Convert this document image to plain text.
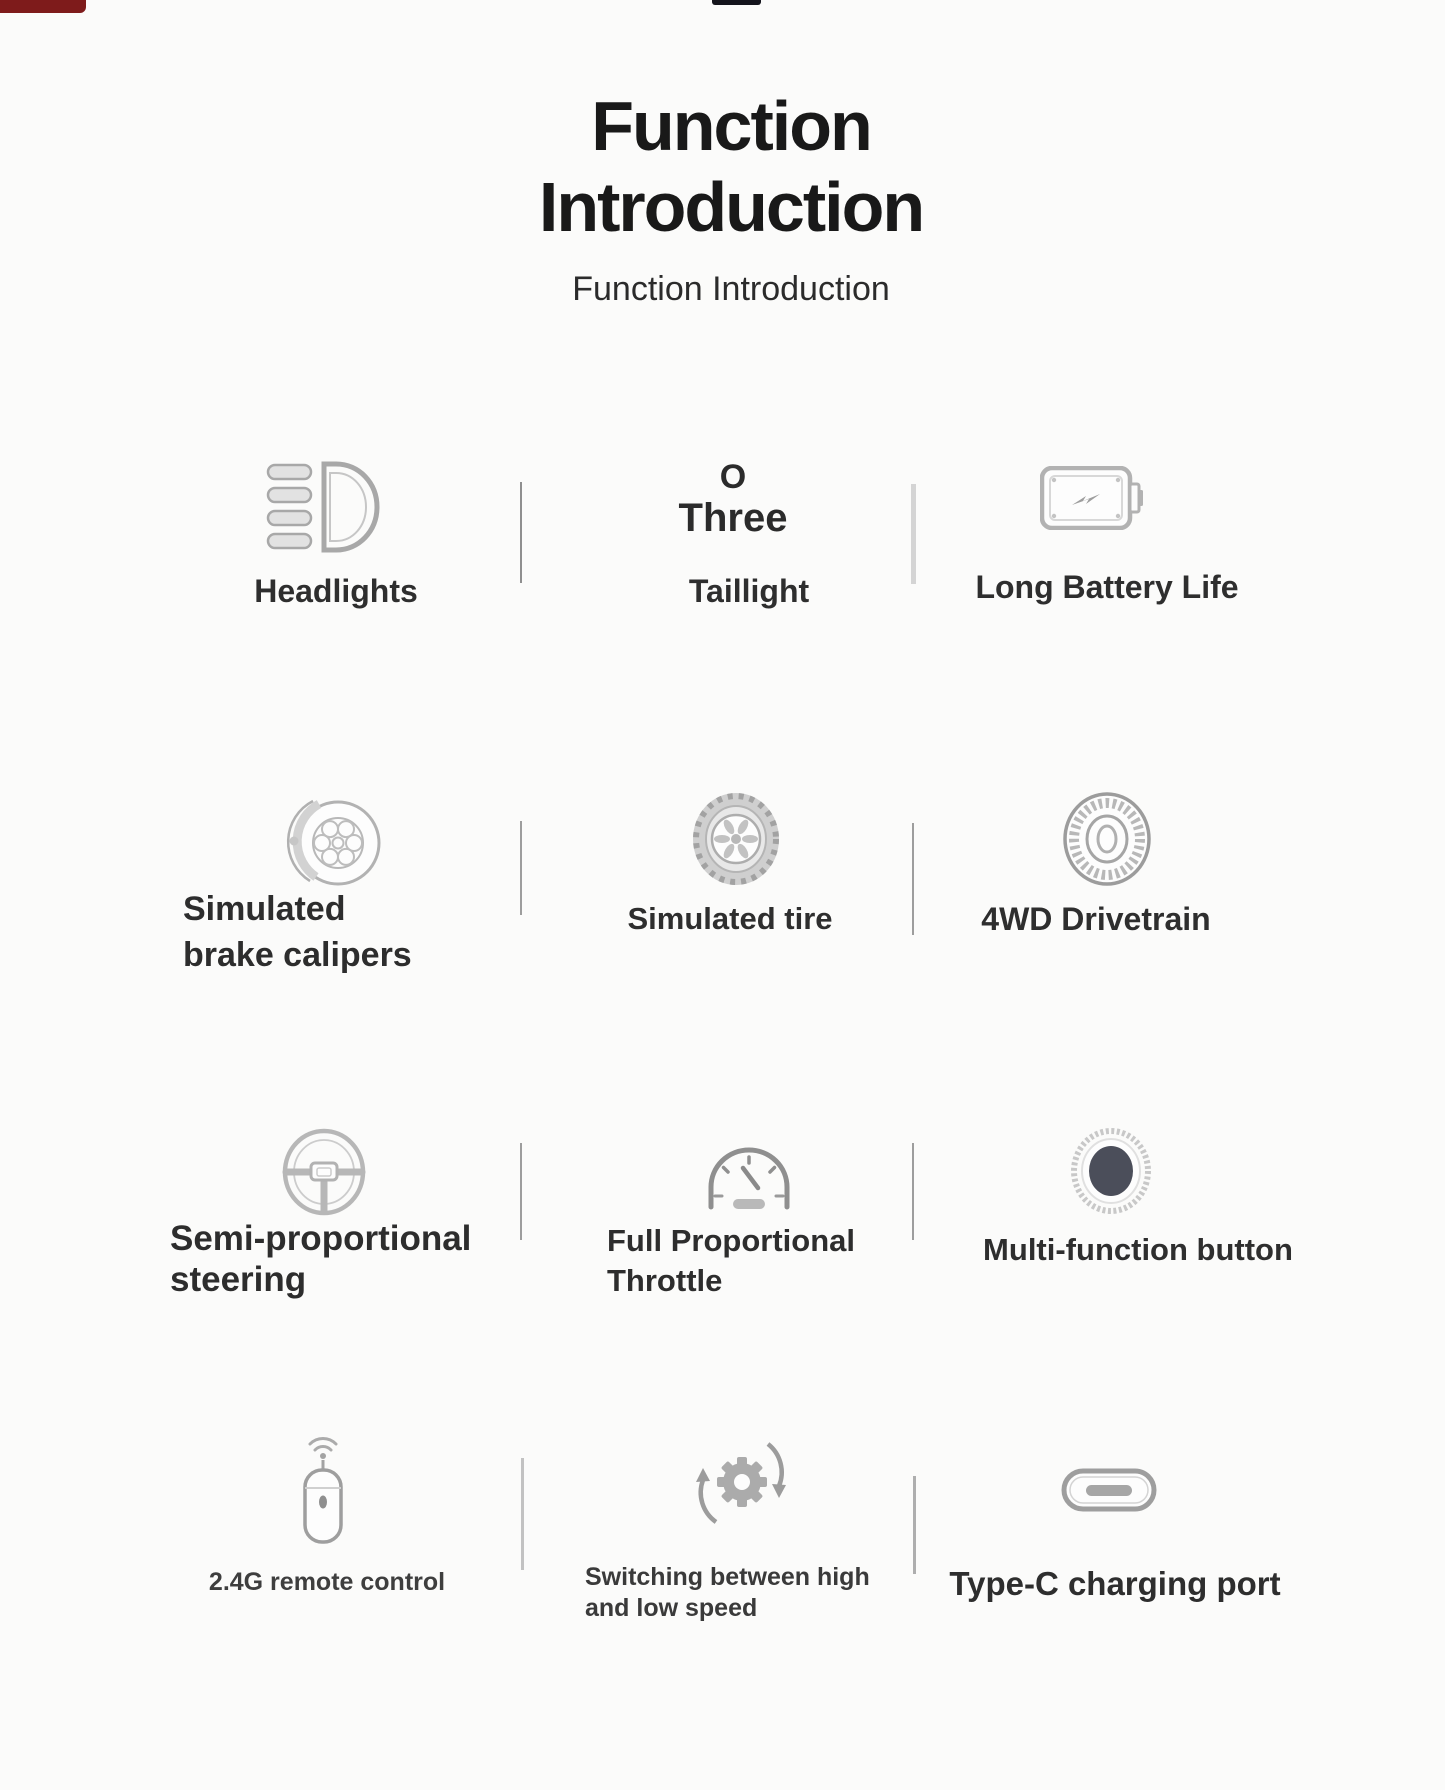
Function
Introduction
Function Introduction
Headlights
O
Three
Taillight	Long Battery Life
Simulated
brake calipers
Simulated tire	4WD Drivetrain
Semi-proportional
steering
Full Proportional
Throttle
Multi-function button
2.4G remote control	Switching between high
and low speed
Type-C charging port
